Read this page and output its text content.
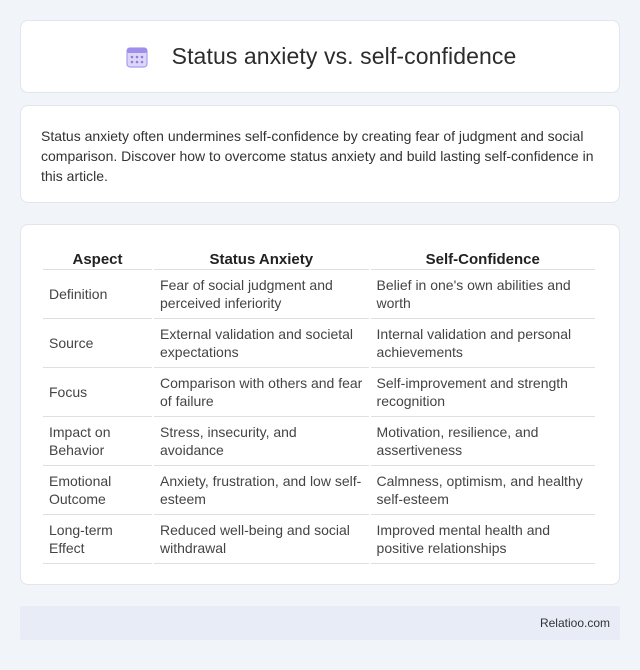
Status anxiety vs. self-confidence

Status anxiety often undermines self-confidence by creating fear of judgment and social comparison. Discover how to overcome status anxiety and build lasting self-confidence in this article.

Aspect	Status Anxiety	Self-Confidence
Definition	Fear of social judgment and perceived inferiority	Belief in one's own abilities and worth
Source	External validation and societal expectations	Internal validation and personal achievements
Focus	Comparison with others and fear of failure	Self-improvement and strength recognition
Impact on Behavior	Stress, insecurity, and avoidance	Motivation, resilience, and assertiveness
Emotional Outcome	Anxiety, frustration, and low self-esteem	Calmness, optimism, and healthy self-esteem
Long-term Effect	Reduced well-being and social withdrawal	Improved mental health and positive relationships
Relatioo.com
